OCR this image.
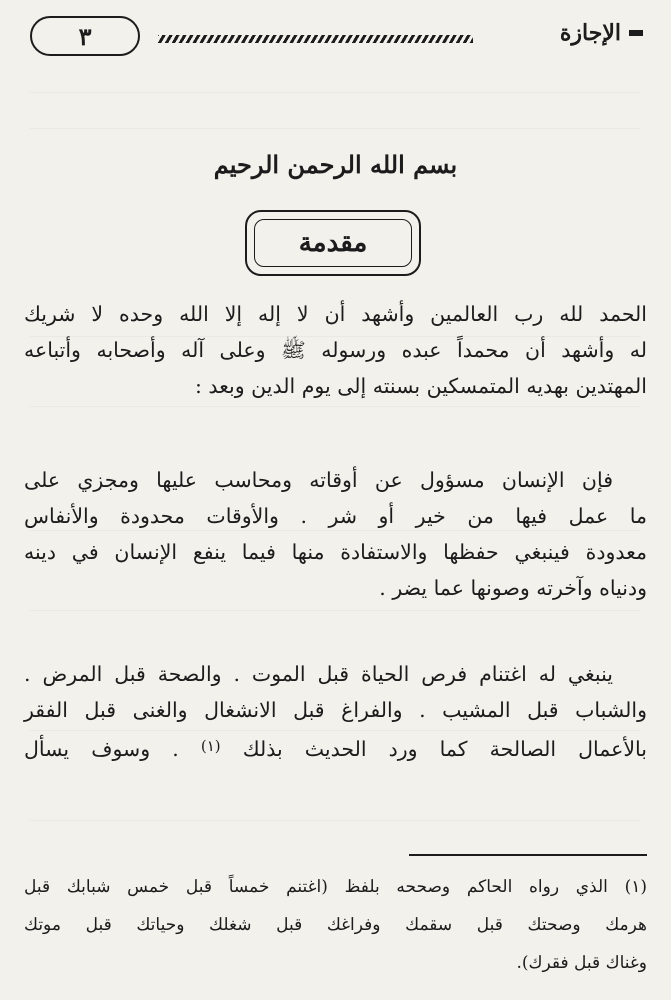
الإجازة
٣
بسم الله الرحمن الرحيم
مقدمة
الحمد لله رب العالمين وأشهد أن لا إله إلا الله وحده لا شريك
له وأشهد أن محمداً عبده ورسوله ﷺ وعلى آله وأصحابه وأتباعه
المهتدين بهديه المتمسكين بسنته إلى يوم الدين وبعد :
فإن الإنسان مسؤول عن أوقاته ومحاسب عليها ومجزي على
ما عمل فيها من خير أو شر . والأوقات محدودة والأنفاس
معدودة فينبغي حفظها والاستفادة منها فيما ينفع الإنسان في دينه
ودنياه وآخرته وصونها عما يضر .
ينبغي له اغتنام فرص الحياة قبل الموت . والصحة قبل المرض .
والشباب قبل المشيب . والفراغ قبل الانشغال والغنى قبل الفقر
بالأعمال الصالحة كما ورد الحديث بذلك $^{(١)}$ . وسوف يسأل
(١) الذي رواه الحاكم وصححه بلفظ (اغتنم خمساً قبل خمس شبابك قبل
هرمك وصحتك قبل سقمك وفراغك قبل شغلك وحياتك قبل موتك
وغناك قبل فقرك).
